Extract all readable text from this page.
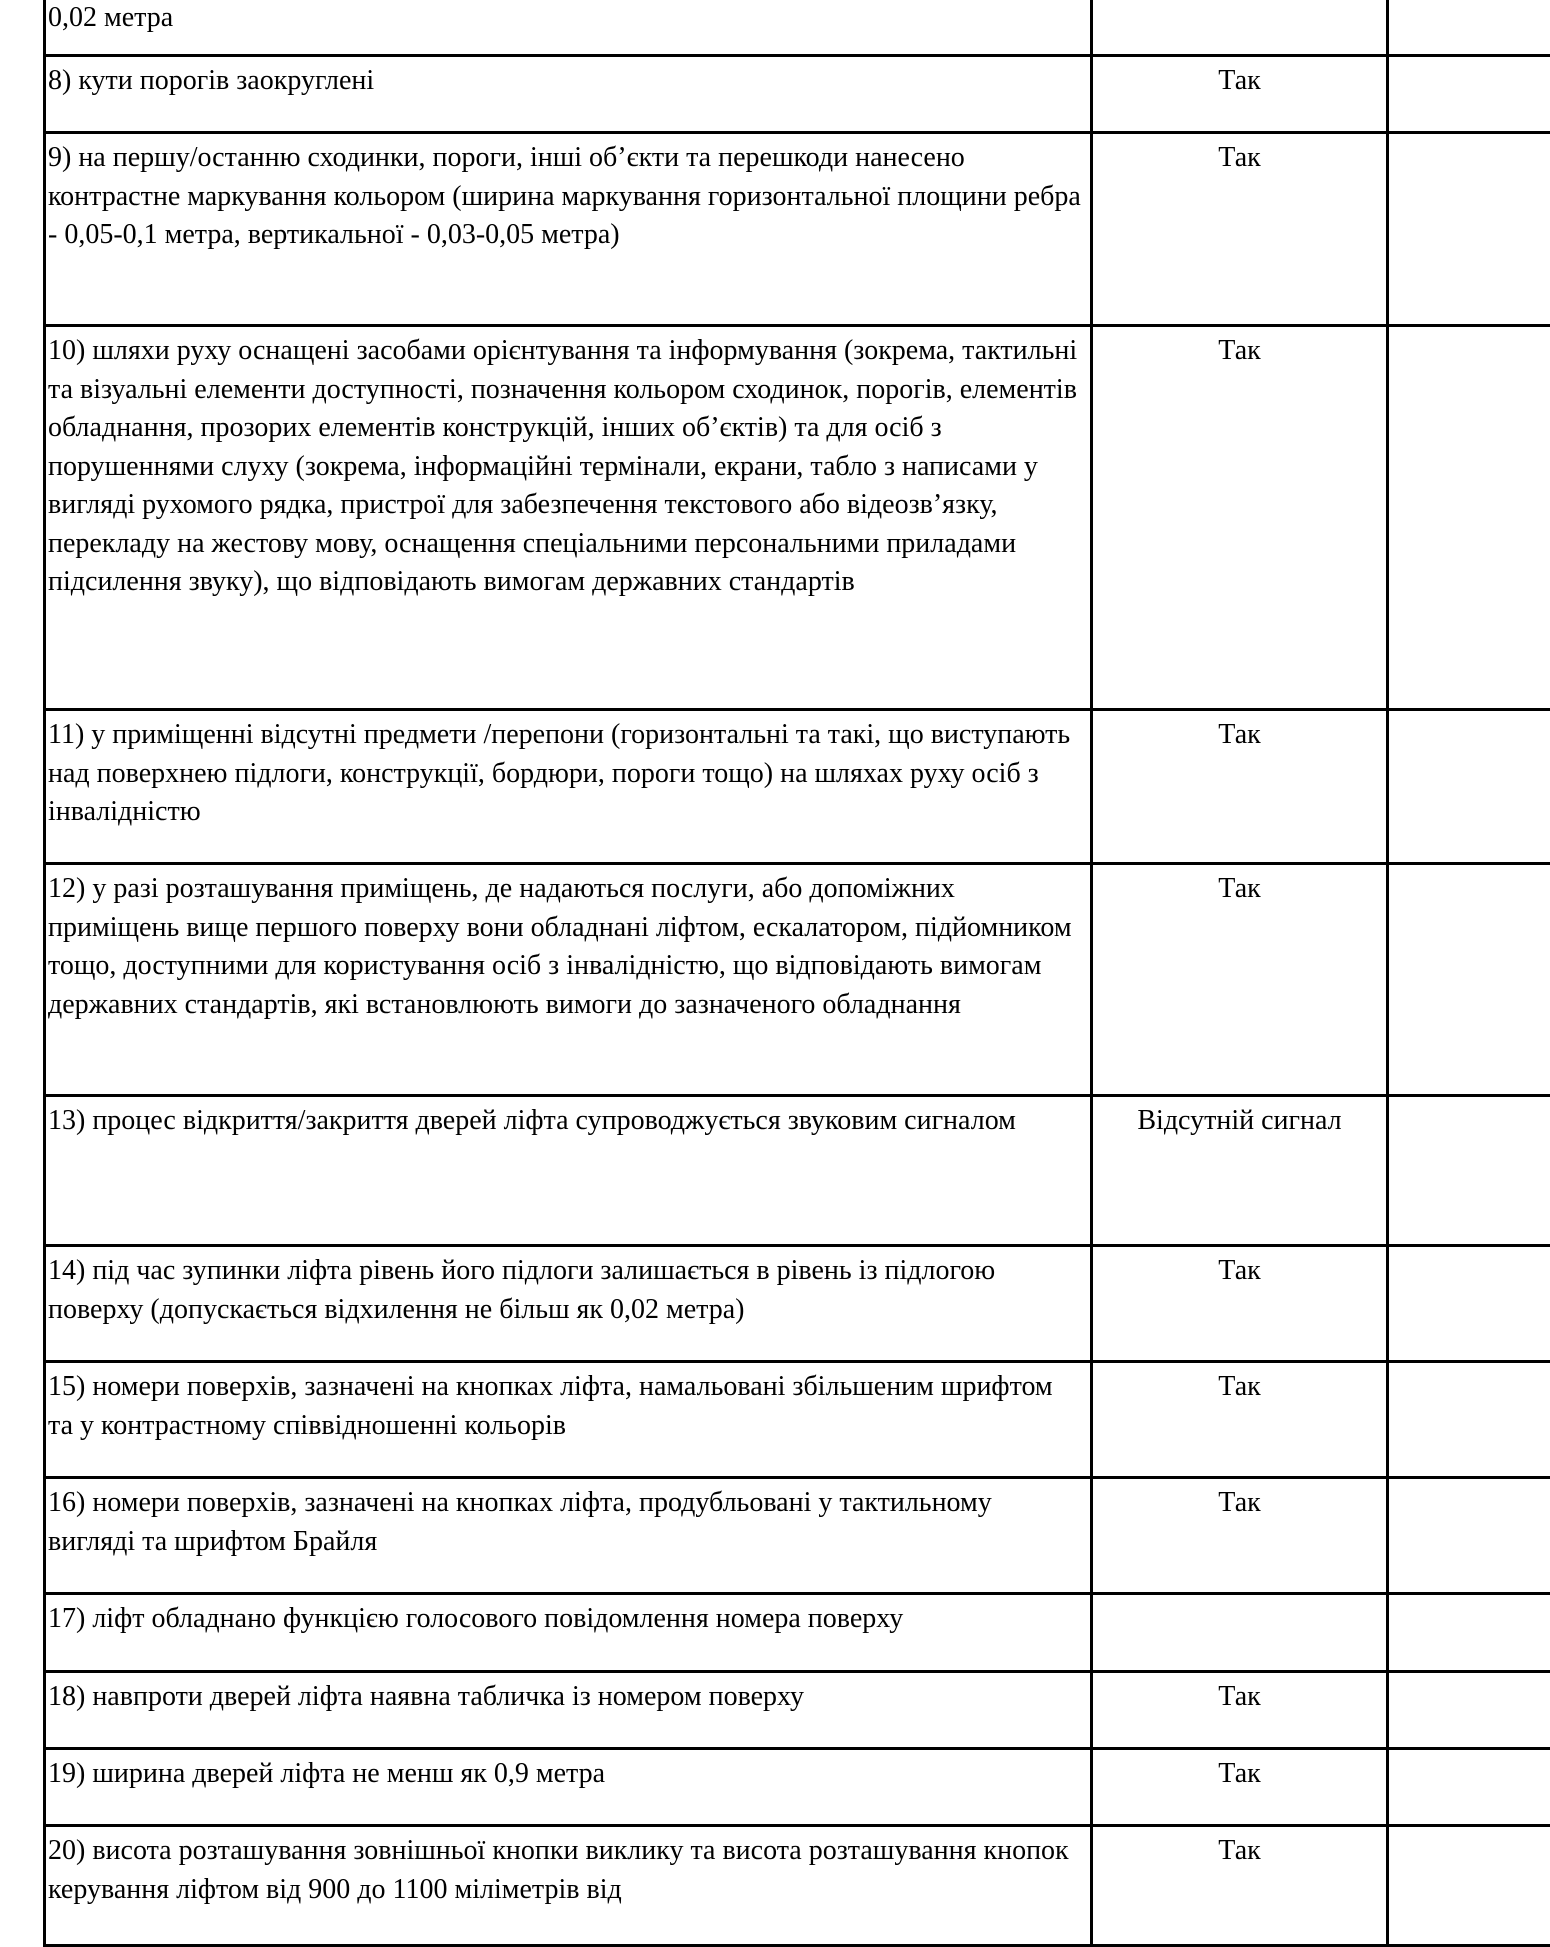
0,02 метра		
8) кути порогів заокруглені	Так	
9) на першу/останню сходинки, пороги, інші об’єкти та перешкоди нанесено контрастне маркування кольором (ширина маркування горизонтальної площини ребра - 0,05-0,1 метра, вертикальної - 0,03-0,05 метра)	Так	
10) шляхи руху оснащені засобами орієнтування та інформування (зокрема, тактильні та візуальні елементи доступності, позначення кольором сходинок, порогів, елементів обладнання, прозорих елементів конструкцій, інших об’єктів) та для осіб з порушеннями слуху (зокрема, інформаційні термінали, екрани, табло з написами у вигляді рухомого рядка, пристрої для забезпечення текстового або відеозв’язку, перекладу на жестову мову, оснащення спеціальними персональними приладами підсилення звуку), що відповідають вимогам державних стандартів	Так	
11) у приміщенні відсутні предмети /перепони (горизонтальні та такі, що виступають над поверхнею підлоги, конструкції, бордюри, пороги тощо) на шляхах руху осіб з інвалідністю	Так	
12) у разі розташування приміщень, де надаються послуги, або допоміжних приміщень вище першого поверху вони обладнані ліфтом, ескалатором, підйомником тощо, доступними для користування осіб з інвалідністю, що відповідають вимогам державних стандартів, які встановлюють вимоги до зазначеного обладнання	Так	
13) процес відкриття/закриття дверей ліфта супроводжується звуковим сигналом	Відсутній сигнал	

14) під час зупинки ліфта рівень його підлоги залишається в рівень із підлогою поверху (допускається відхилення не більш як 0,02 метра)	Так	
15) номери поверхів, зазначені на кнопках ліфта, намальовані збільшеним шрифтом та у контрастному співвідношенні кольорів	Так	
16) номери поверхів, зазначені на кнопках ліфта, продубльовані у тактильному вигляді та шрифтом Брайля	Так	
17) ліфт обладнано функцією голосового повідомлення номера поверху		
18) навпроти дверей ліфта наявна табличка із номером поверху	Так	
19) ширина дверей ліфта не менш як 0,9 метра	Так	
20) висота розташування зовнішньої кнопки виклику та висота розташування кнопок керування ліфтом від 900 до 1100 міліметрів від	Так	
